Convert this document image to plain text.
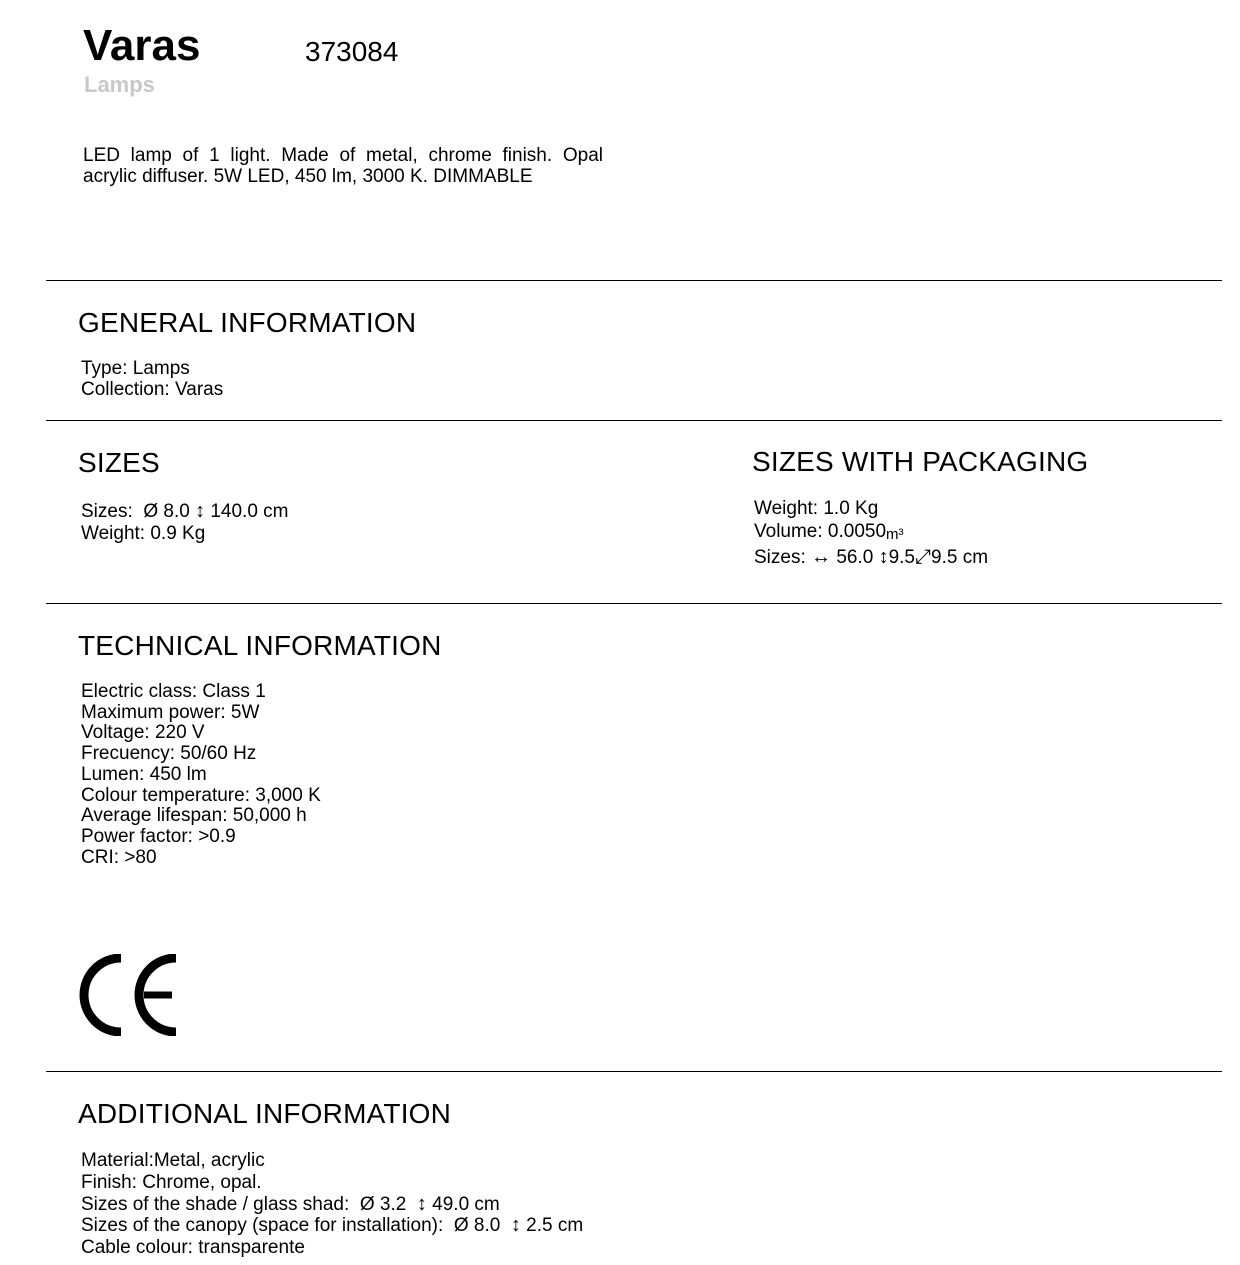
Varas	373084
Lamps
LED lamp of 1 light. Made of metal, chrome finish. Opal acrylic diffuser. 5W LED, 450 lm, 3000 K. DIMMABLE
GENERAL INFORMATION
Type: Lamps
Collection: Varas
SIZES
Sizes: Ø 8.0 ↕ 140.0 cm
Weight: 0.9 Kg
SIZES WITH PACKAGING
Weight: 1.0 Kg
Volume: 0.0050m³
Sizes: ↔ 56.0 ↕9.5⤢9.5 cm
TECHNICAL INFORMATION
Electric class: Class 1
Maximum power: 5W
Voltage: 220 V
Frecuency: 50/60 Hz
Lumen: 450 lm
Colour temperature: 3,000 K
Average lifespan: 50,000 h
Power factor: >0.9
CRI: >80
ADDITIONAL INFORMATION
Material:Metal, acrylic
Finish: Chrome, opal.
Sizes of the shade / glass shad: Ø 3.2 ↕ 49.0 cm
Sizes of the canopy (space for installation): Ø 8.0 ↕ 2.5 cm
Cable colour: transparente
